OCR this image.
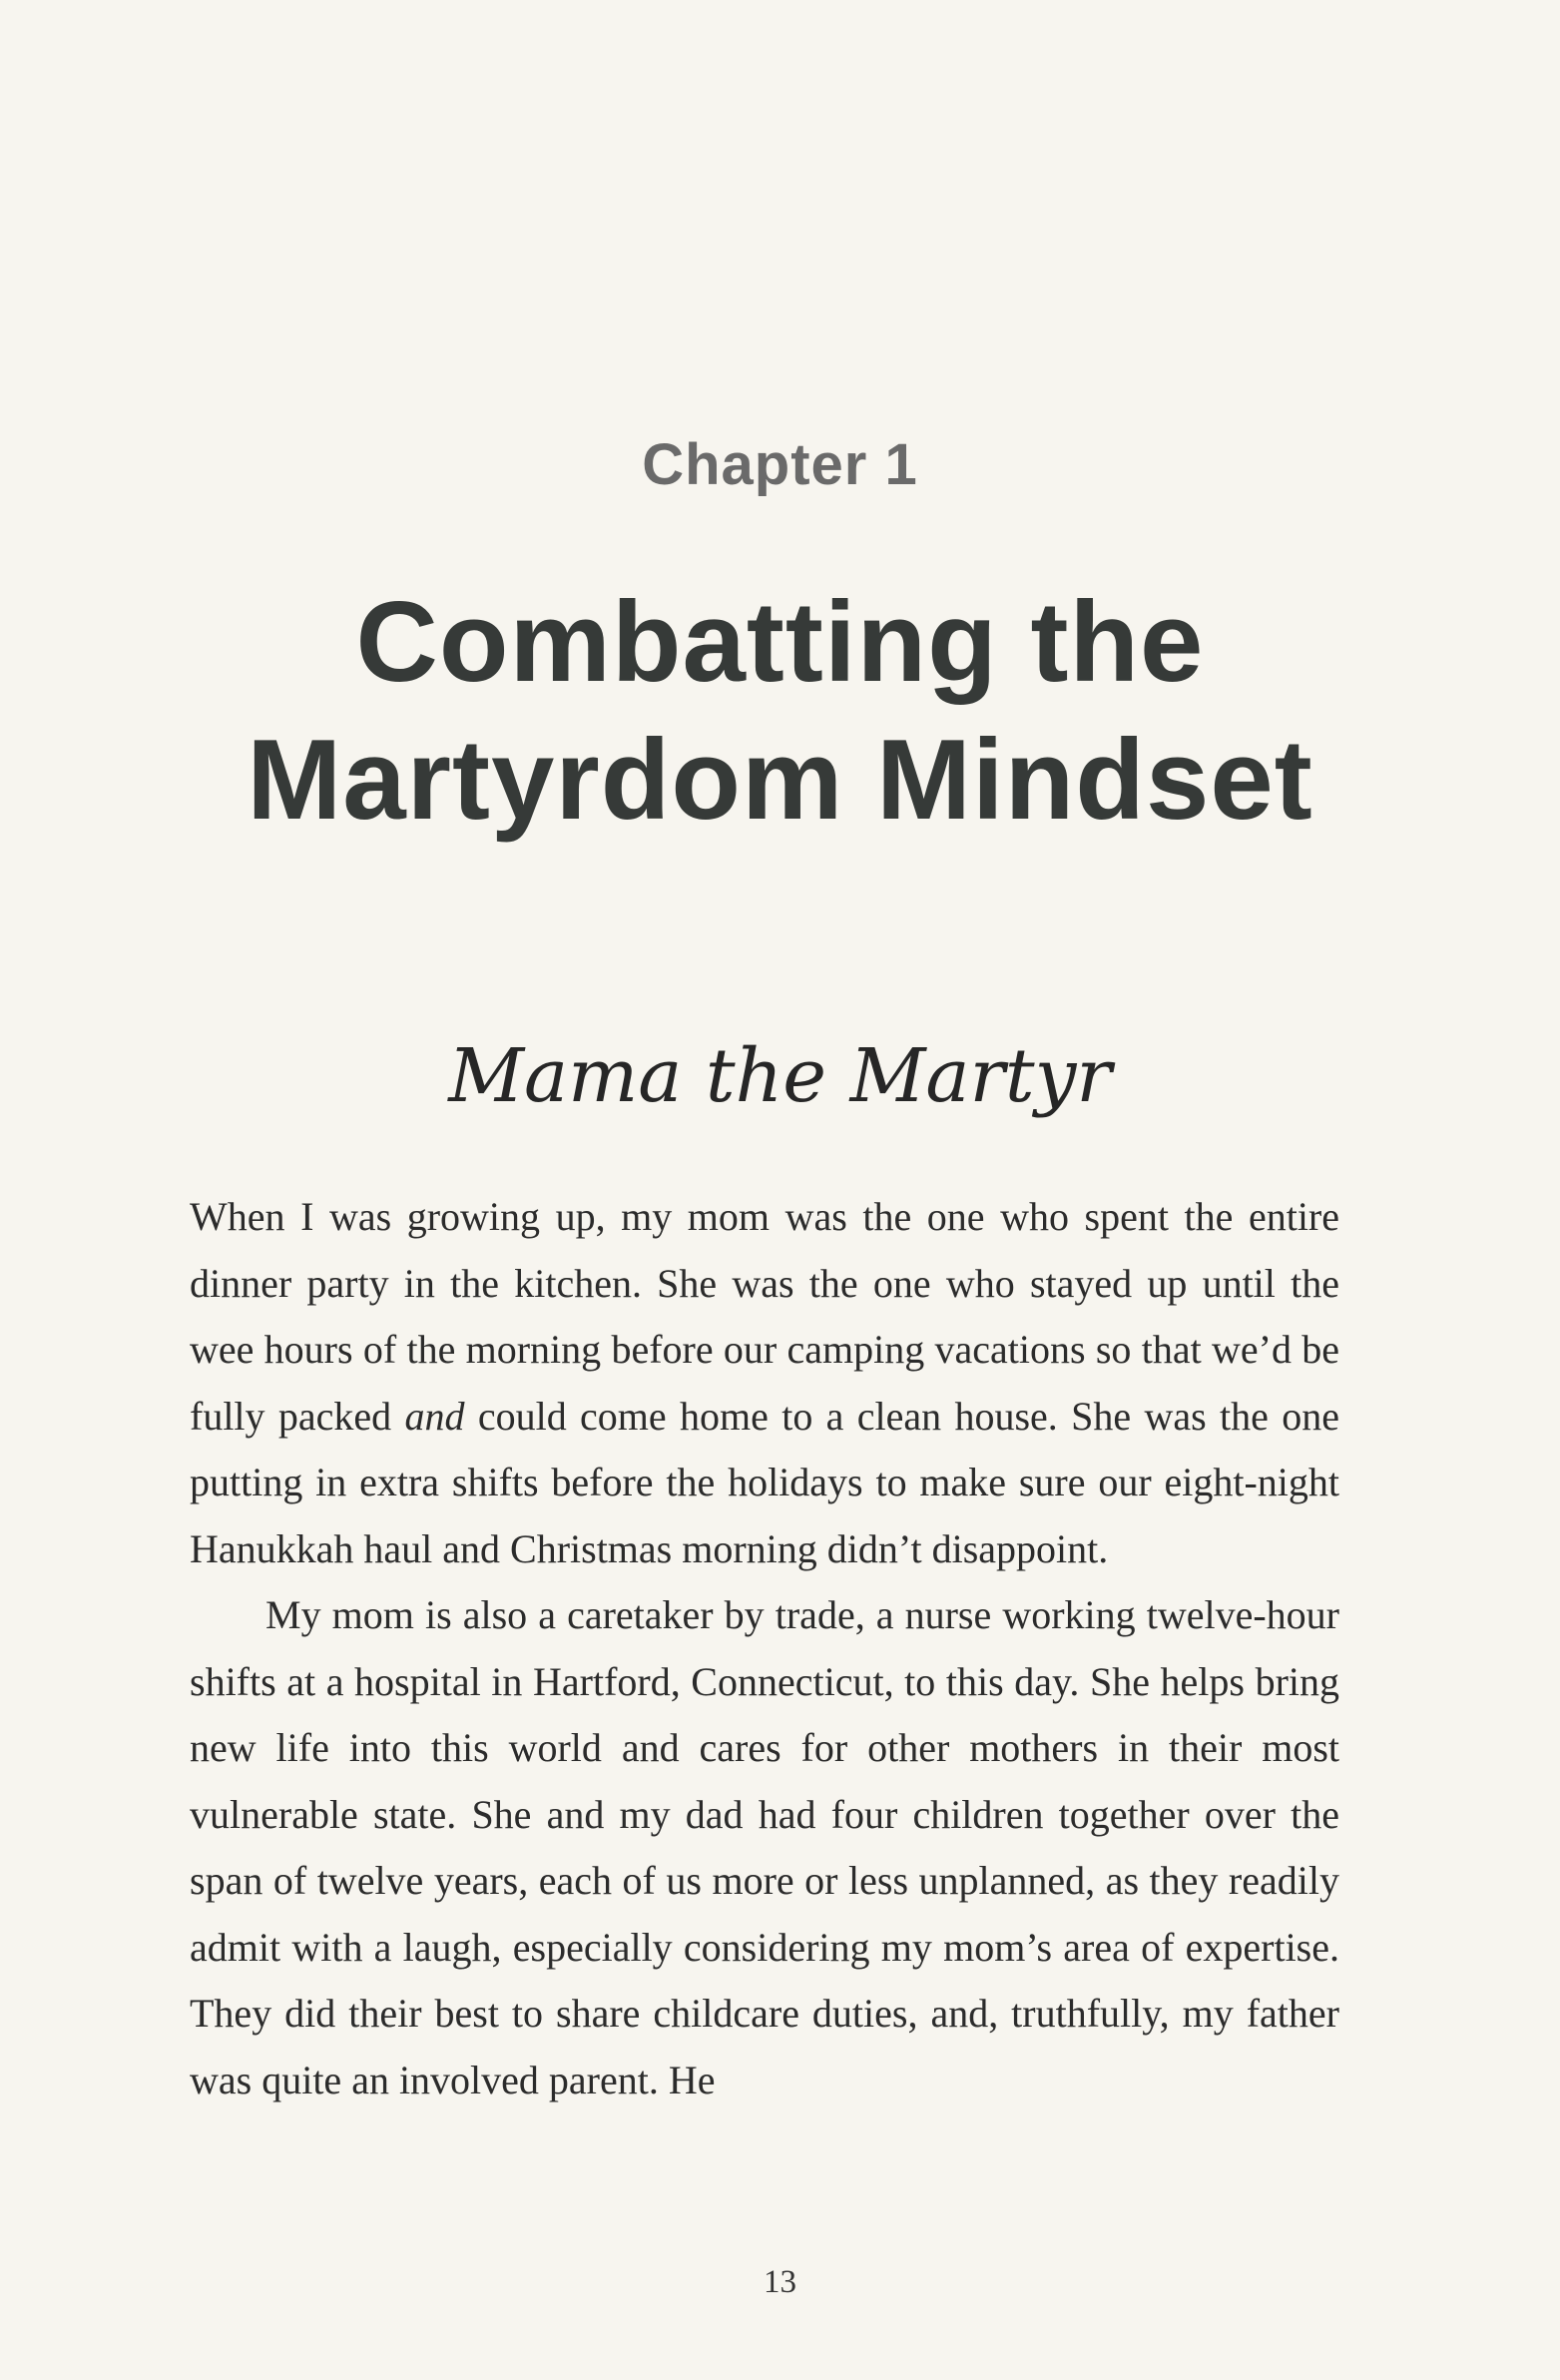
Chapter 1
Combatting the
Martyrdom Mindset
Mama the Martyr

When I was growing up, my mom was the one who spent the entire dinner party in the kitchen. She was the one who stayed up until the wee hours of the morning before our camping vacations so that we’d be fully packed and could come home to a clean house. She was the one putting in extra shifts before the holidays to make sure our eight-night Hanukkah haul and Christmas morning didn’t disappoint.

My mom is also a caretaker by trade, a nurse working twelve-hour shifts at a hospital in Hartford, Connecticut, to this day. She helps bring new life into this world and cares for other mothers in their most vulnerable state. She and my dad had four children together over the span of twelve years, each of us more or less unplanned, as they readily admit with a laugh, especially considering my mom’s area of expertise. They did their best to share childcare duties, and, truthfully, my father was quite an involved parent. He

13
